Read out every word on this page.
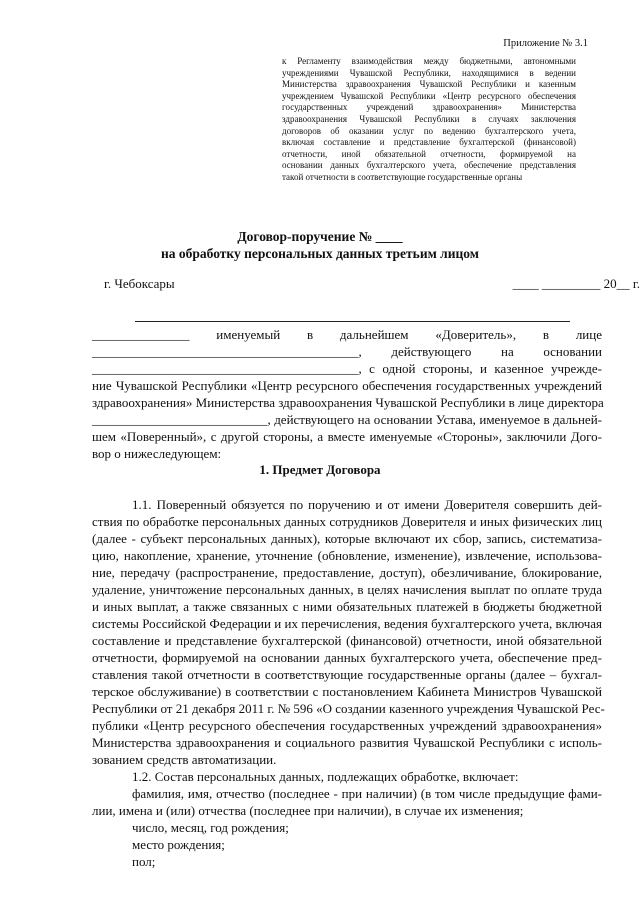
Приложение № 3.1
к Регламенту взаимодействия между бюджетными, автономными
учреждениями Чувашской Республики, находящимися в ведении
Министерства здравоохранения Чувашской Республики и казенным
учреждением Чувашской Республики «Центр ресурсного обеспечения
государственных учреждений здравоохранения» Министерства
здравоохранения Чувашской Республики в случаях заключения
договоров об оказании услуг по ведению бухгалтерского учета,
включая составление и представление бухгалтерской (финансовой)
отчетности, иной обязательной отчетности, формируемой на
основании данных бухгалтерского учета, обеспечение представления
такой отчетности в соответствующие государственные органы
Договор-поручение № ____
на обработку персональных данных третьим лицом
г. Чебоксары	____ _________ 20__ г.
_______________ именуемый в дальнейшем «Доверитель», в лице
_________________________________________, действующего на основании
_________________________________________, с одной стороны, и казенное учрежде-
ние Чувашской Республики «Центр ресурсного обеспечения государственных учреждений
здравоохранения» Министерства здравоохранения Чувашской Республики в лице директора
___________________________, действующего на основании Устава, именуемое в дальней-
шем «Поверенный», с другой стороны, а вместе именуемые «Стороны», заключили Дого-
вор о нижеследующем:
1. Предмет Договора
1.1. Поверенный обязуется по поручению и от имени Доверителя совершить дей-
ствия по обработке персональных данных сотрудников Доверителя и иных физических лиц
(далее - субъект персональных данных), которые включают их сбор, запись, систематиза-
цию, накопление, хранение, уточнение (обновление, изменение), извлечение, использова-
ние, передачу (распространение, предоставление, доступ), обезличивание, блокирование,
удаление, уничтожение персональных данных, в целях начисления выплат по оплате труда
и иных выплат, а также связанных с ними обязательных платежей в бюджеты бюджетной
системы Российской Федерации и их перечисления, ведения бухгалтерского учета, включая
составление и представление бухгалтерской (финансовой) отчетности, иной обязательной
отчетности, формируемой на основании данных бухгалтерского учета, обеспечение пред-
ставления такой отчетности в соответствующие государственные органы (далее – бухгал-
терское обслуживание) в соответствии с постановлением Кабинета Министров Чувашской
Республики от 21 декабря 2011 г. № 596 «О создании казенного учреждения Чувашской Рес-
публики «Центр ресурсного обеспечения государственных учреждений здравоохранения»
Министерства здравоохранения и социального развития Чувашской Республики с исполь-
зованием средств автоматизации.
1.2. Состав персональных данных, подлежащих обработке, включает:
фамилия, имя, отчество (последнее - при наличии) (в том числе предыдущие фами-
лии, имена и (или) отчества (последнее при наличии), в случае их изменения;
число, месяц, год рождения;
место рождения;
пол;
